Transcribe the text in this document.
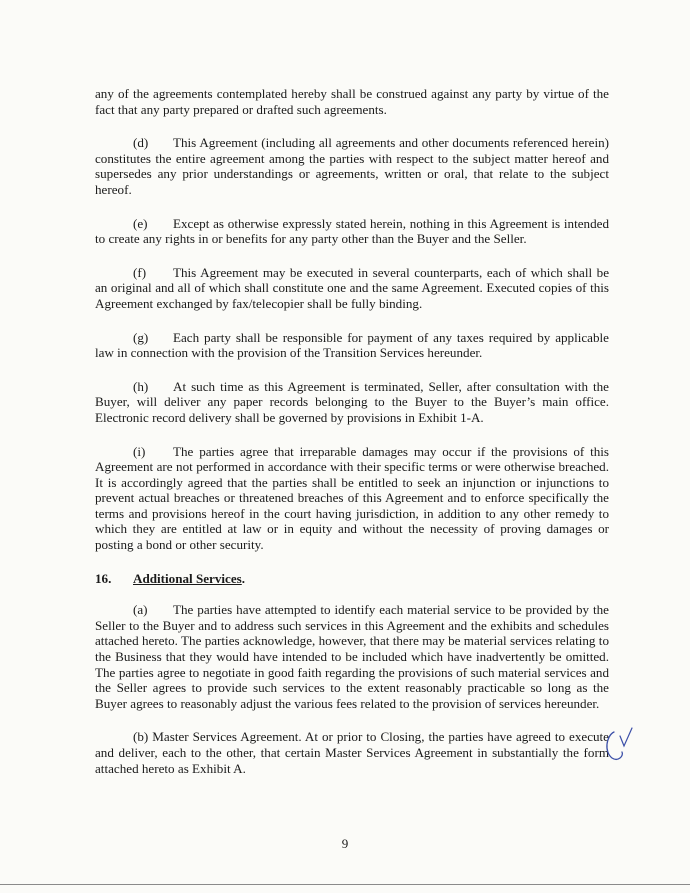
any of the agreements contemplated hereby shall be construed against any party by virtue of the fact that any party prepared or drafted such agreements.

(d) This Agreement (including all agreements and other documents referenced herein) constitutes the entire agreement among the parties with respect to the subject matter hereof and supersedes any prior understandings or agreements, written or oral, that relate to the subject hereof.

(e) Except as otherwise expressly stated herein, nothing in this Agreement is intended to create any rights in or benefits for any party other than the Buyer and the Seller.

(f) This Agreement may be executed in several counterparts, each of which shall be an original and all of which shall constitute one and the same Agreement. Executed copies of this Agreement exchanged by fax/telecopier shall be fully binding.

(g) Each party shall be responsible for payment of any taxes required by applicable law in connection with the provision of the Transition Services hereunder.

(h) At such time as this Agreement is terminated, Seller, after consultation with the Buyer, will deliver any paper records belonging to the Buyer to the Buyer’s main office. Electronic record delivery shall be governed by provisions in Exhibit 1-A.

(i) The parties agree that irreparable damages may occur if the provisions of this Agreement are not performed in accordance with their specific terms or were otherwise breached. It is accordingly agreed that the parties shall be entitled to seek an injunction or injunctions to prevent actual breaches or threatened breaches of this Agreement and to enforce specifically the terms and provisions hereof in the court having jurisdiction, in addition to any other remedy to which they are entitled at law or in equity and without the necessity of proving damages or posting a bond or other security.

16. Additional Services.

(a) The parties have attempted to identify each material service to be provided by the Seller to the Buyer and to address such services in this Agreement and the exhibits and schedules attached hereto. The parties acknowledge, however, that there may be material services relating to the Business that they would have intended to be included which have inadvertently be omitted. The parties agree to negotiate in good faith regarding the provisions of such material services and the Seller agrees to provide such services to the extent reasonably practicable so long as the Buyer agrees to reasonably adjust the various fees related to the provision of services hereunder.

(b) Master Services Agreement. At or prior to Closing, the parties have agreed to execute and deliver, each to the other, that certain Master Services Agreement in substantially the form attached hereto as Exhibit A.

9
